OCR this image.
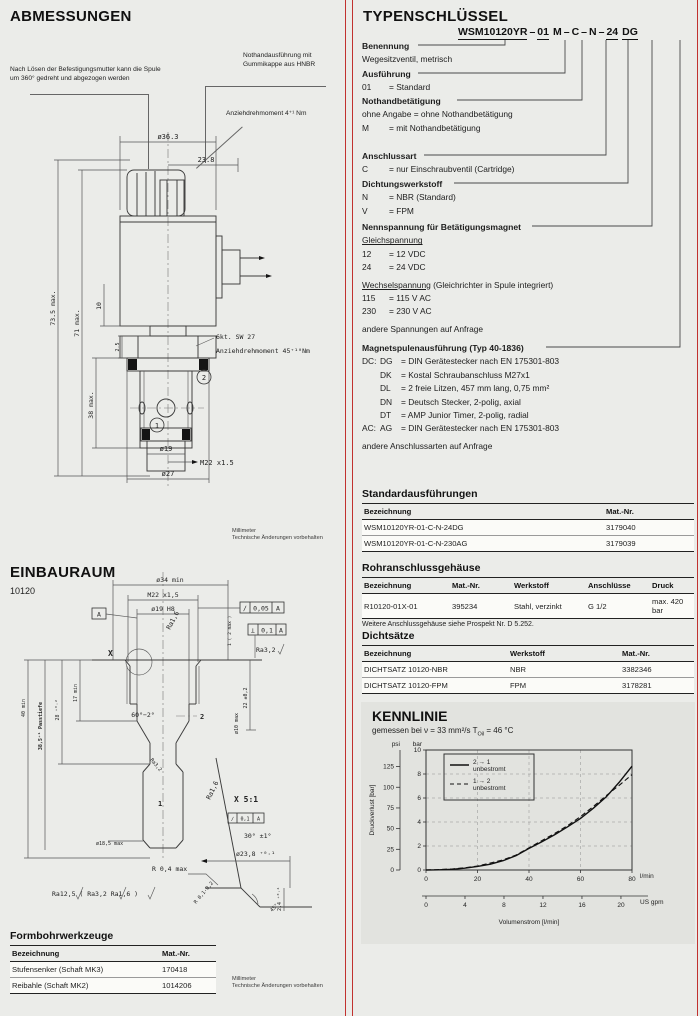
ABMESSUNGEN
Nach Lösen der Befestigungsmutter kann die Spule um 360° gedreht und abgezogen werden
Nothandausführung mit Gummikappe aus HNBR
Anziehdrehmoment 4⁺¹ Nm
ø36.3
23.8
2
1
73.5 max. 71 max.
10
2.5
38 max.
ø19
M22 x1.5
ø27
6kt. SW 27
Anziehdrehmoment 45⁺¹⁰Nm
Millimeter
Technische Änderungen vorbehalten
EINBAURAUM
10120
ø34 min
M22 x1,5
ø19 H8
A
∕ 0,05 A
⊥ 0,1 A
Ra3,2
Ra1,6	1 ( 2 max )
X
2
60°−2°	ø10 max
22 ±0,2
Ra3,2
40 min 38,5⁺¹ Passtiefe 28 ⁺⁰·²
17 min
1
ø18,5 max
X 5:1
Ra1,6
∕ 0,1 A
30° ±1°
ø23,8 ⁺⁰·¹
R 0,4 max
2,4 ⁺⁰·⁴
R 0,1-0,2
45°
Ra12,5 ( Ra3,2 Ra1,6 )
Formbohrwerkzeuge
Bezeichnung	Mat.-Nr.
Stufensenker (Schaft MK3)	170418
Reibahle (Schaft MK2)	1014206
Millimeter
Technische Änderungen vorbehalten
TYPENSCHLÜSSEL
WSM10120YR – 01 M – C – N – 24 DG
Benennung
Wegesitzventil, metrisch
Ausführung
01 = Standard
Nothandbetätigung
ohne Angabe = ohne Nothandbetätigung
M = mit Nothandbetätigung
Anschlussart
C = nur Einschraubventil (Cartridge)
Dichtungswerkstoff
N = NBR (Standard)
V	= FPM
Nennspannung für Betätigungsmagnet
Gleichspannung
12 = 12 VDC
24 = 24 VDC
Wechselspannung (Gleichrichter in Spule integriert)
115 = 115 V AC
230 = 230 V AC
andere Spannungen auf Anfrage
Magnetspulenausführung (Typ 40-1836)
DC: DG = DIN Gerätestecker nach EN 175301-803
DK = Kostal Schraubanschluss M27x1
DL = 2 freie Litzen, 457 mm lang, 0,75 mm²
DN = Deutsch Stecker, 2-polig, axial
DT = AMP Junior Timer, 2-polig, radial
AC: AG = DIN Gerätestecker nach EN 175301-803
andere Anschlussarten auf Anfrage
Standardausführungen
Bezeichnung	Mat.-Nr.
WSM10120YR-01-C-N-24DG	3179040
WSM10120YR-01-C-N-230AG	3179039
Rohranschlussgehäuse
Bezeichnung	Mat.-Nr.	Werkstoff	Anschlüsse	Druck
R10120-01X-01	395234	Stahl, verzinkt	G 1/2	max. 420 bar
Weitere Anschlussgehäuse siehe Prospekt Nr. D 5.252.
Dichtsätze
Bezeichnung	Werkstoff	Mat.-Nr.
DICHTSATZ 10120-NBR	NBR	3382346
DICHTSATZ 10120-FPM	FPM	3178281
KENNLINIE
gemessen bei ν = 33 mm²/s $T_{Oil} = 46$ °C
0
2
4
6
8
10
bar
0
25
50
75
100
125
psi
0	20	40	60	80 l/min
0	4	8	12	16	20 US gpm
Druckverlust [bar]
Volumenstrom [l/min]
2 → 1
unbestromt
1 → 2
unbestromt
